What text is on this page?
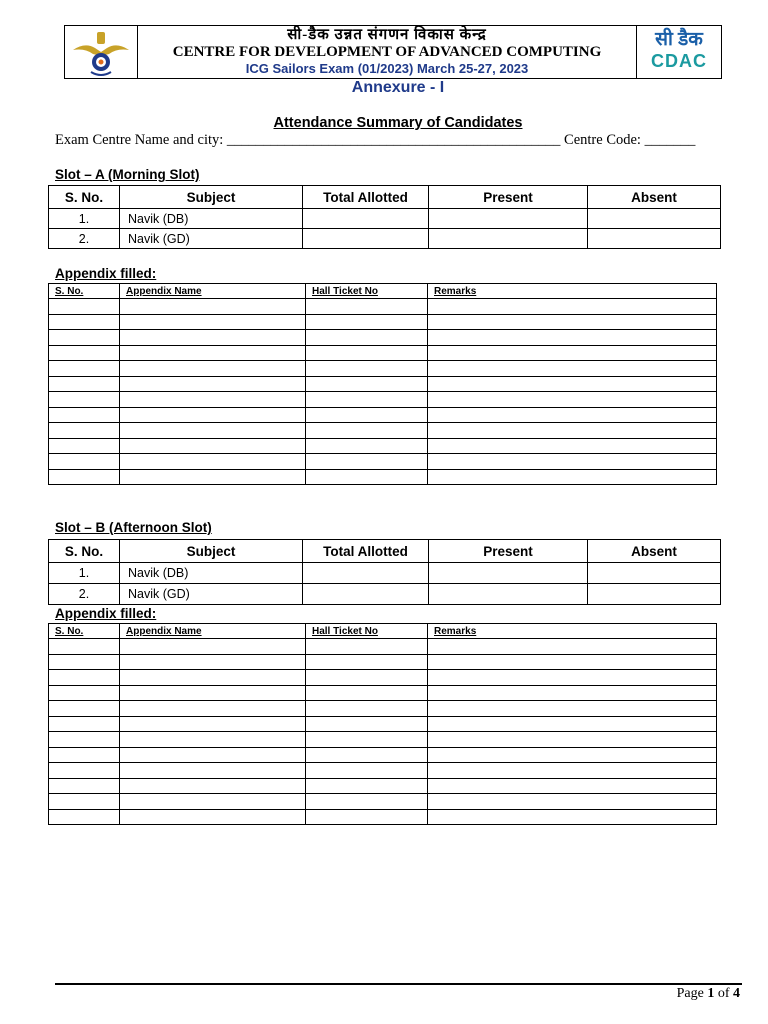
सी-डैक उन्नत संगणन विकास केन्द्र
CENTRE FOR DEVELOPMENT OF ADVANCED COMPUTING
ICG Sailors Exam (01/2023) March 25-27, 2023
सी डैक
CDAC
Annexure - I
Attendance Summary of Candidates
Exam Centre Name and city: ______________________________________________ Centre Code: _______
Slot – A (Morning Slot)
S. No.	Subject	Total Allotted	Present	Absent
1.	Navik (DB)			
2.	Navik (GD)			
Appendix filled:
S. No.	Appendix Name	Hall Ticket No	Remarks

Slot – B (Afternoon Slot)
S. No.	Subject	Total Allotted	Present	Absent
1.	Navik (DB)			
2.	Navik (GD)			
Appendix filled:
S. No.	Appendix Name	Hall Ticket No	Remarks

Page 1 of 4
